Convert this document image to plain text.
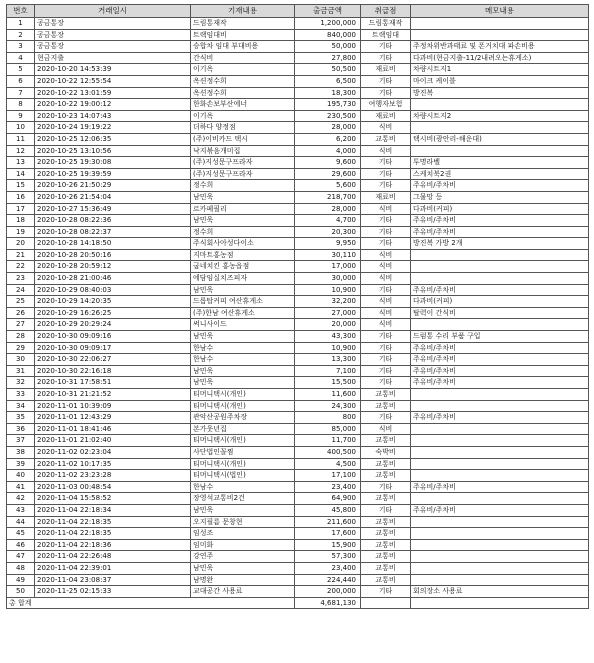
번호	거래일시	기재내용	출금금액	취급점	메모내용
1	공금통장	드림통재작	1,200,000	드림통재작	
2	공금통장	트랙임대비	840,000	트랙임대	
3	공금통장	승합차 임대 부대비용	50,000	기타	주정차위반과태료 및 폰거치대 파손비용
4	현금지출	간식비	27,800	기타	다과비(현금지출-11/2내려오는휴게소)
5	2020-10-20 14:53:39	이기옥	50,500	재료비	차량시트지1
6	2020-10-22 12:55:54	옥션정수희	6,500	기타	마이크 케이블
7	2020-10-22 13:01:59	옥션정수희	18,300	기타	방진복
8	2020-10-22 19:00:12	한화손보부산에너	195,730	여행자보험	
9	2020-10-23 14:07:43	이기옥	230,500	재료비	차량시트지2
10	2020-10-24 19:19:22	더하다 양정점	28,000	식비	
11	2020-10-25 12:06:35	(주)이비카드 택시	6,200	교통비	택시비(광안리-해운대)
12	2020-10-25 13:10:56	낙지볶음개미집	4,000	식비	
13	2020-10-25 19:30:08	(주)지성문구프라자	9,600	기타	투명라벨
14	2020-10-25 19:39:59	(주)지성문구프라자	29,600	기타	스케치북2권
15	2020-10-26 21:50:29	정수희	5,600	기타	주유비/주차비
16	2020-10-26 21:54:04	남민욱	218,700	재료비	그물망 등
17	2020-10-27 15:36:49	르카페필리	28,000	식비	다과비(커피)
18	2020-10-28 08:22:36	남민욱	4,700	기타	주유비/주차비
19	2020-10-28 08:22:37	정수희	20,300	기타	주유비/주차비
20	2020-10-28 14:18:50	주식회사아성다이소	9,950	기타	방진복 가방 2개
21	2020-10-28 20:50:16	지마트홍농점	30,110	식비	
22	2020-10-28 20:59:12	굽네치킨 홍농읍점	17,000	식비	
23	2020-10-28 21:00:46	에담임실치즈피자	30,000	식비	
24	2020-10-29 08:40:03	남민욱	10,900	기타	주유비/주차비
25	2020-10-29 14:20:35	드롭탑커피 여산휴게소	32,200	식비	다과비(커피)
26	2020-10-29 16:26:25	(주)한남 여산휴게소	27,000	식비	탈력이 간식비
27	2020-10-29 20:29:24	써니사이드	20,000	식비	
28	2020-10-30 09:09:16	남민욱	43,300	기타	드럼통 수리 부품 구입
29	2020-10-30 09:09:17	한남수	10,900	기타	주유비/주차비
30	2020-10-30 22:06:27	한남수	13,300	기타	주유비/주차비
31	2020-10-30 22:16:18	남민욱	7,100	기타	주유비/주차비
32	2020-10-31 17:58:51	남민욱	15,500	기타	주유비/주차비
33	2020-10-31 21:21:52	티머니택시(개인)	11,600	교통비	
34	2020-11-01 10:39:09	티머니택시(개인)	24,300	교통비	
35	2020-11-01 12:43:29	관악산공원주차장	800	기타	주유비/주차비
36	2020-11-01 18:41:46	본가웃년집	85,000	식비	
37	2020-11-01 21:02:40	티머니택시(개인)	11,700	교통비	
38	2020-11-02 02:23:04	사단법인꼴찜	400,500	숙박비	
39	2020-11-02 10:17:35	티머니택시(개인)	4,500	교통비	
40	2020-11-02 23:23:28	티머니택시(법인)	17,100	교통비	
41	2020-11-03 00:48:54	한남수	23,400	기타	주유비/주차비
42	2020-11-04 15:58:52	장영석교통비2건	64,900	교통비	
43	2020-11-04 22:18:34	남민욱	45,800	기타	주유비/주차비
44	2020-11-04 22:18:35	오지필름 문창현	211,600	교통비	
45	2020-11-04 22:18:35	임성조	17,600	교통비	
46	2020-11-04 22:18:36	임미화	15,900	교통비	
47	2020-11-04 22:26:48	강연주	57,300	교통비	
48	2020-11-04 22:39:01	남민욱	23,400	교통비	
49	2020-11-04 23:08:37	남명완	224,440	교통비	
50	2020-11-25 02:15:33	교대공간 사용료	200,000	기타	회의장소 사용료
총 합계			4,681,130		
